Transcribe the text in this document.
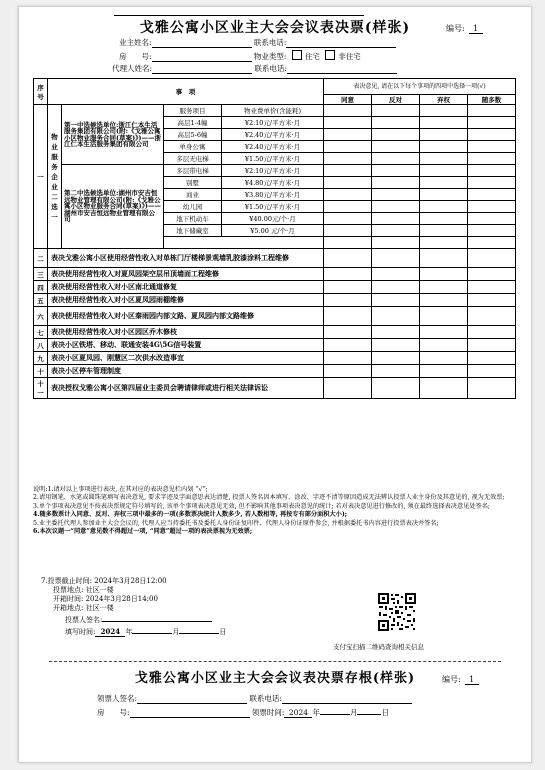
戈雅公寓小区业主大会会议表决票(样张)	编号: 1
业主姓名:	联系电话:
房　　号:	物业类型: 住宅 非住宅
代理人姓名:	联系电话:
序号	事　项				表决意见, 请在以下每个事项的四项中选择一项(√)			
					同意	反对	弃权	随多数
一	物业服务企业二选一	第一中选候选单位:浙江仁本生活服务集团有限公司(附:《戈雅公寓小区物业服务合同(草案)》)——浙江仁本生活服务集团有限公司	服务项目	物业费单价(含能耗)				
			高层1-4幢	¥2.10元/平方米·月				
			高层5-6幢	¥2.40元/平方米·月				
			单身公寓	¥2.40元/平方米·月				
			多层无电梯	¥1.50元/平方米·月				
		第二中选候选单位:湖州市安吉恒远物业管理有限公司(附:《戈雅公寓小区物业服务合同(草案)》)——湖州市安吉恒远物业管理有限公司	多层带电梯	¥2.10元/平方米·月				
			别墅	¥4.80元/平方米·月				
			商业	¥3.80元/平方米·月				
			幼儿园	¥1.50元/平方米·月				
			地下机动车	¥40.00元/个·月				
			地下储藏室	¥5.00 元/个·月				

二	表决戈雅公寓小区使用经营性收入对单栋门厅楼梯景观墙乳胶漆涂料工程维修							
三	表决使用经营性收入对夏凤园架空层吊顶墙面工程维修							
四	表决使用经营性收入对小区南北通道修复							
五	表决使用经营性收入对小区夏凤园雨棚维修							
六	表决使用经营性收入对小区秦雨园内部文路、夏凤园内部文路维修							
七	表决使用经营性收入对小区园区乔木修枝							
八	表决小区铁塔、移动、联通安装4G\5G信号装置							
九	表决小区夏凤园、刚慧区二次供水改造事宜							
十	表决小区停车管理制度							
十一	表决授权戈雅公寓小区第四届业主委员会聘请律师或进行相关法律诉讼							

说明:1.请对以上事项进行表决, 在其对应的表决意见栏内划 “√”;

2.请用钢笔、水笔或圆珠笔填写表决意见, 要求字迹及字面意思表达清楚, 投票人签名因本填写、涂改、字迹不清等原因造成无法辨认投票人业主身份及其意见的, 视为无效票;

3.单个事项表决意见不按表决票规定符号填写的, 该单个事项表决意见无效, 但不影响其他事项表决意见的统计; 若对表决意见进行修改的, 须在最终选择表决意见处签名;

4.随多数票计入同意、反对、弃权三项中最多的一项(多数票决统计人数多少, 若人数相等, 再按专有部分面积大小);

5.业主委托代理人参加业主大会会议的, 代理人应当持委托书及委托人身份证复印件、代理人身份证原件参会, 并根据委托书内容进行投票表决并签名;

6.本次议题一“同意”意见数不得超过一项, “同意”超过一项的表决票视为无效票;

7.投票截止时间: 2024年3月28日12:00

投票地点: 社区一楼

开箱时间: 2024年3月28日14:00

开箱地点: 社区一楼

投票人签名:

填写时间: 2024 年	月	日

支付宝扫描二维码查询相关信息
戈雅公寓小区业主大会会议表决票存根(样张)	编号: 1
领票人签名:	联系电话:
房　　号:	领票时间: 2024 年	月	日
